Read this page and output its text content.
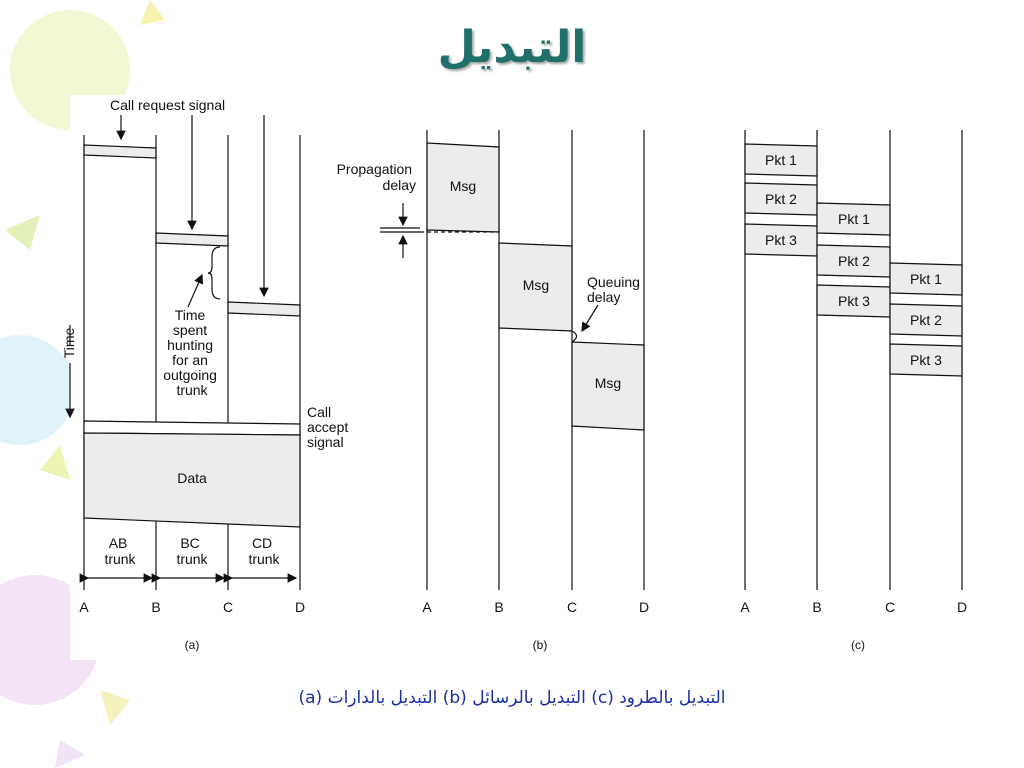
التبديل
Call request signal
Time
Time spent hunting for an outgoing trunk
Call accept signal
Data
AB trunk
BC trunk
CD trunk
A	B	C	D
(a)
Propagation delay Msg
Msg
Msg
Queuing delay
A	B	C	D
(b)
Pkt 1
Pkt 2
Pkt 3
Pkt 1
Pkt 2
Pkt 3
Pkt 1
Pkt 2
Pkt 3
A	B	C	D
(c)
التبديل بالطرود (c) التبديل بالرسائل (b) التبديل بالدارات (a)
